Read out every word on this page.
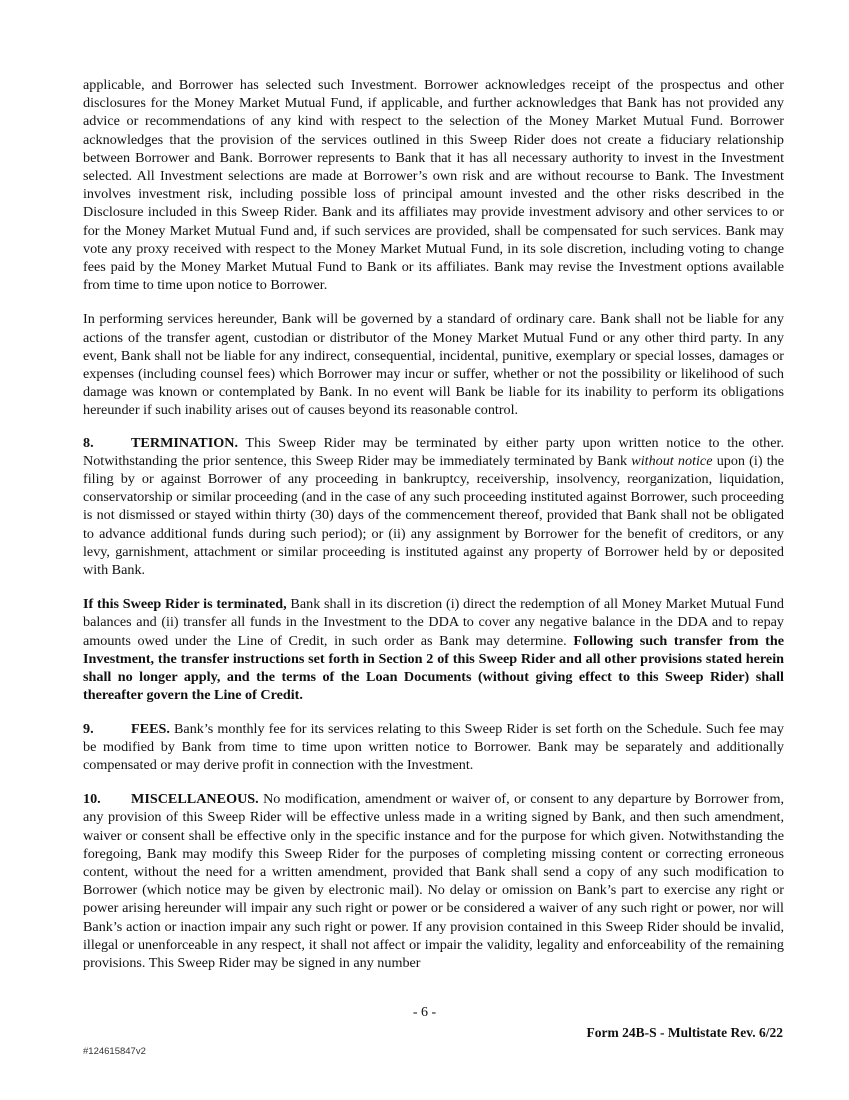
applicable, and Borrower has selected such Investment. Borrower acknowledges receipt of the prospectus and other disclosures for the Money Market Mutual Fund, if applicable, and further acknowledges that Bank has not provided any advice or recommendations of any kind with respect to the selection of the Money Market Mutual Fund. Borrower acknowledges that the provision of the services outlined in this Sweep Rider does not create a fiduciary relationship between Borrower and Bank. Borrower represents to Bank that it has all necessary authority to invest in the Investment selected. All Investment selections are made at Borrower’s own risk and are without recourse to Bank. The Investment involves investment risk, including possible loss of principal amount invested and the other risks described in the Disclosure included in this Sweep Rider. Bank and its affiliates may provide investment advisory and other services to or for the Money Market Mutual Fund and, if such services are provided, shall be compensated for such services. Bank may vote any proxy received with respect to the Money Market Mutual Fund, in its sole discretion, including voting to change fees paid by the Money Market Mutual Fund to Bank or its affiliates. Bank may revise the Investment options available from time to time upon notice to Borrower.

In performing services hereunder, Bank will be governed by a standard of ordinary care. Bank shall not be liable for any actions of the transfer agent, custodian or distributor of the Money Market Mutual Fund or any other third party. In any event, Bank shall not be liable for any indirect, consequential, incidental, punitive, exemplary or special losses, damages or expenses (including counsel fees) which Borrower may incur or suffer, whether or not the possibility or likelihood of such damage was known or contemplated by Bank. In no event will Bank be liable for its inability to perform its obligations hereunder if such inability arises out of causes beyond its reasonable control.

8.	TERMINATION. This Sweep Rider may be terminated by either party upon written notice to the other. Notwithstanding the prior sentence, this Sweep Rider may be immediately terminated by Bank without notice upon (i) the filing by or against Borrower of any proceeding in bankruptcy, receivership, insolvency, reorganization, liquidation, conservatorship or similar proceeding (and in the case of any such proceeding instituted against Borrower, such proceeding is not dismissed or stayed within thirty (30) days of the commencement thereof, provided that Bank shall not be obligated to advance additional funds during such period); or (ii) any assignment by Borrower for the benefit of creditors, or any levy, garnishment, attachment or similar proceeding is instituted against any property of Borrower held by or deposited with Bank.

If this Sweep Rider is terminated, Bank shall in its discretion (i) direct the redemption of all Money Market Mutual Fund balances and (ii) transfer all funds in the Investment to the DDA to cover any negative balance in the DDA and to repay amounts owed under the Line of Credit, in such order as Bank may determine. Following such transfer from the Investment, the transfer instructions set forth in Section 2 of this Sweep Rider and all other provisions stated herein shall no longer apply, and the terms of the Loan Documents (without giving effect to this Sweep Rider) shall thereafter govern the Line of Credit.

9.	FEES. Bank’s monthly fee for its services relating to this Sweep Rider is set forth on the Schedule. Such fee may be modified by Bank from time to time upon written notice to Borrower. Bank may be separately and additionally compensated or may derive profit in connection with the Investment.

10. MISCELLANEOUS. No modification, amendment or waiver of, or consent to any departure by Borrower from, any provision of this Sweep Rider will be effective unless made in a writing signed by Bank, and then such amendment, waiver or consent shall be effective only in the specific instance and for the purpose for which given. Notwithstanding the foregoing, Bank may modify this Sweep Rider for the purposes of completing missing content or correcting erroneous content, without the need for a written amendment, provided that Bank shall send a copy of any such modification to Borrower (which notice may be given by electronic mail). No delay or omission on Bank’s part to exercise any right or power arising hereunder will impair any such right or power or be considered a waiver of any such right or power, nor will Bank’s action or inaction impair any such right or power. If any provision contained in this Sweep Rider should be invalid, illegal or unenforceable in any respect, it shall not affect or impair the validity, legality and enforceability of the remaining provisions. This Sweep Rider may be signed in any number

- 6 -
Form 24B-S - Multistate Rev. 6/22
#124615847v2
